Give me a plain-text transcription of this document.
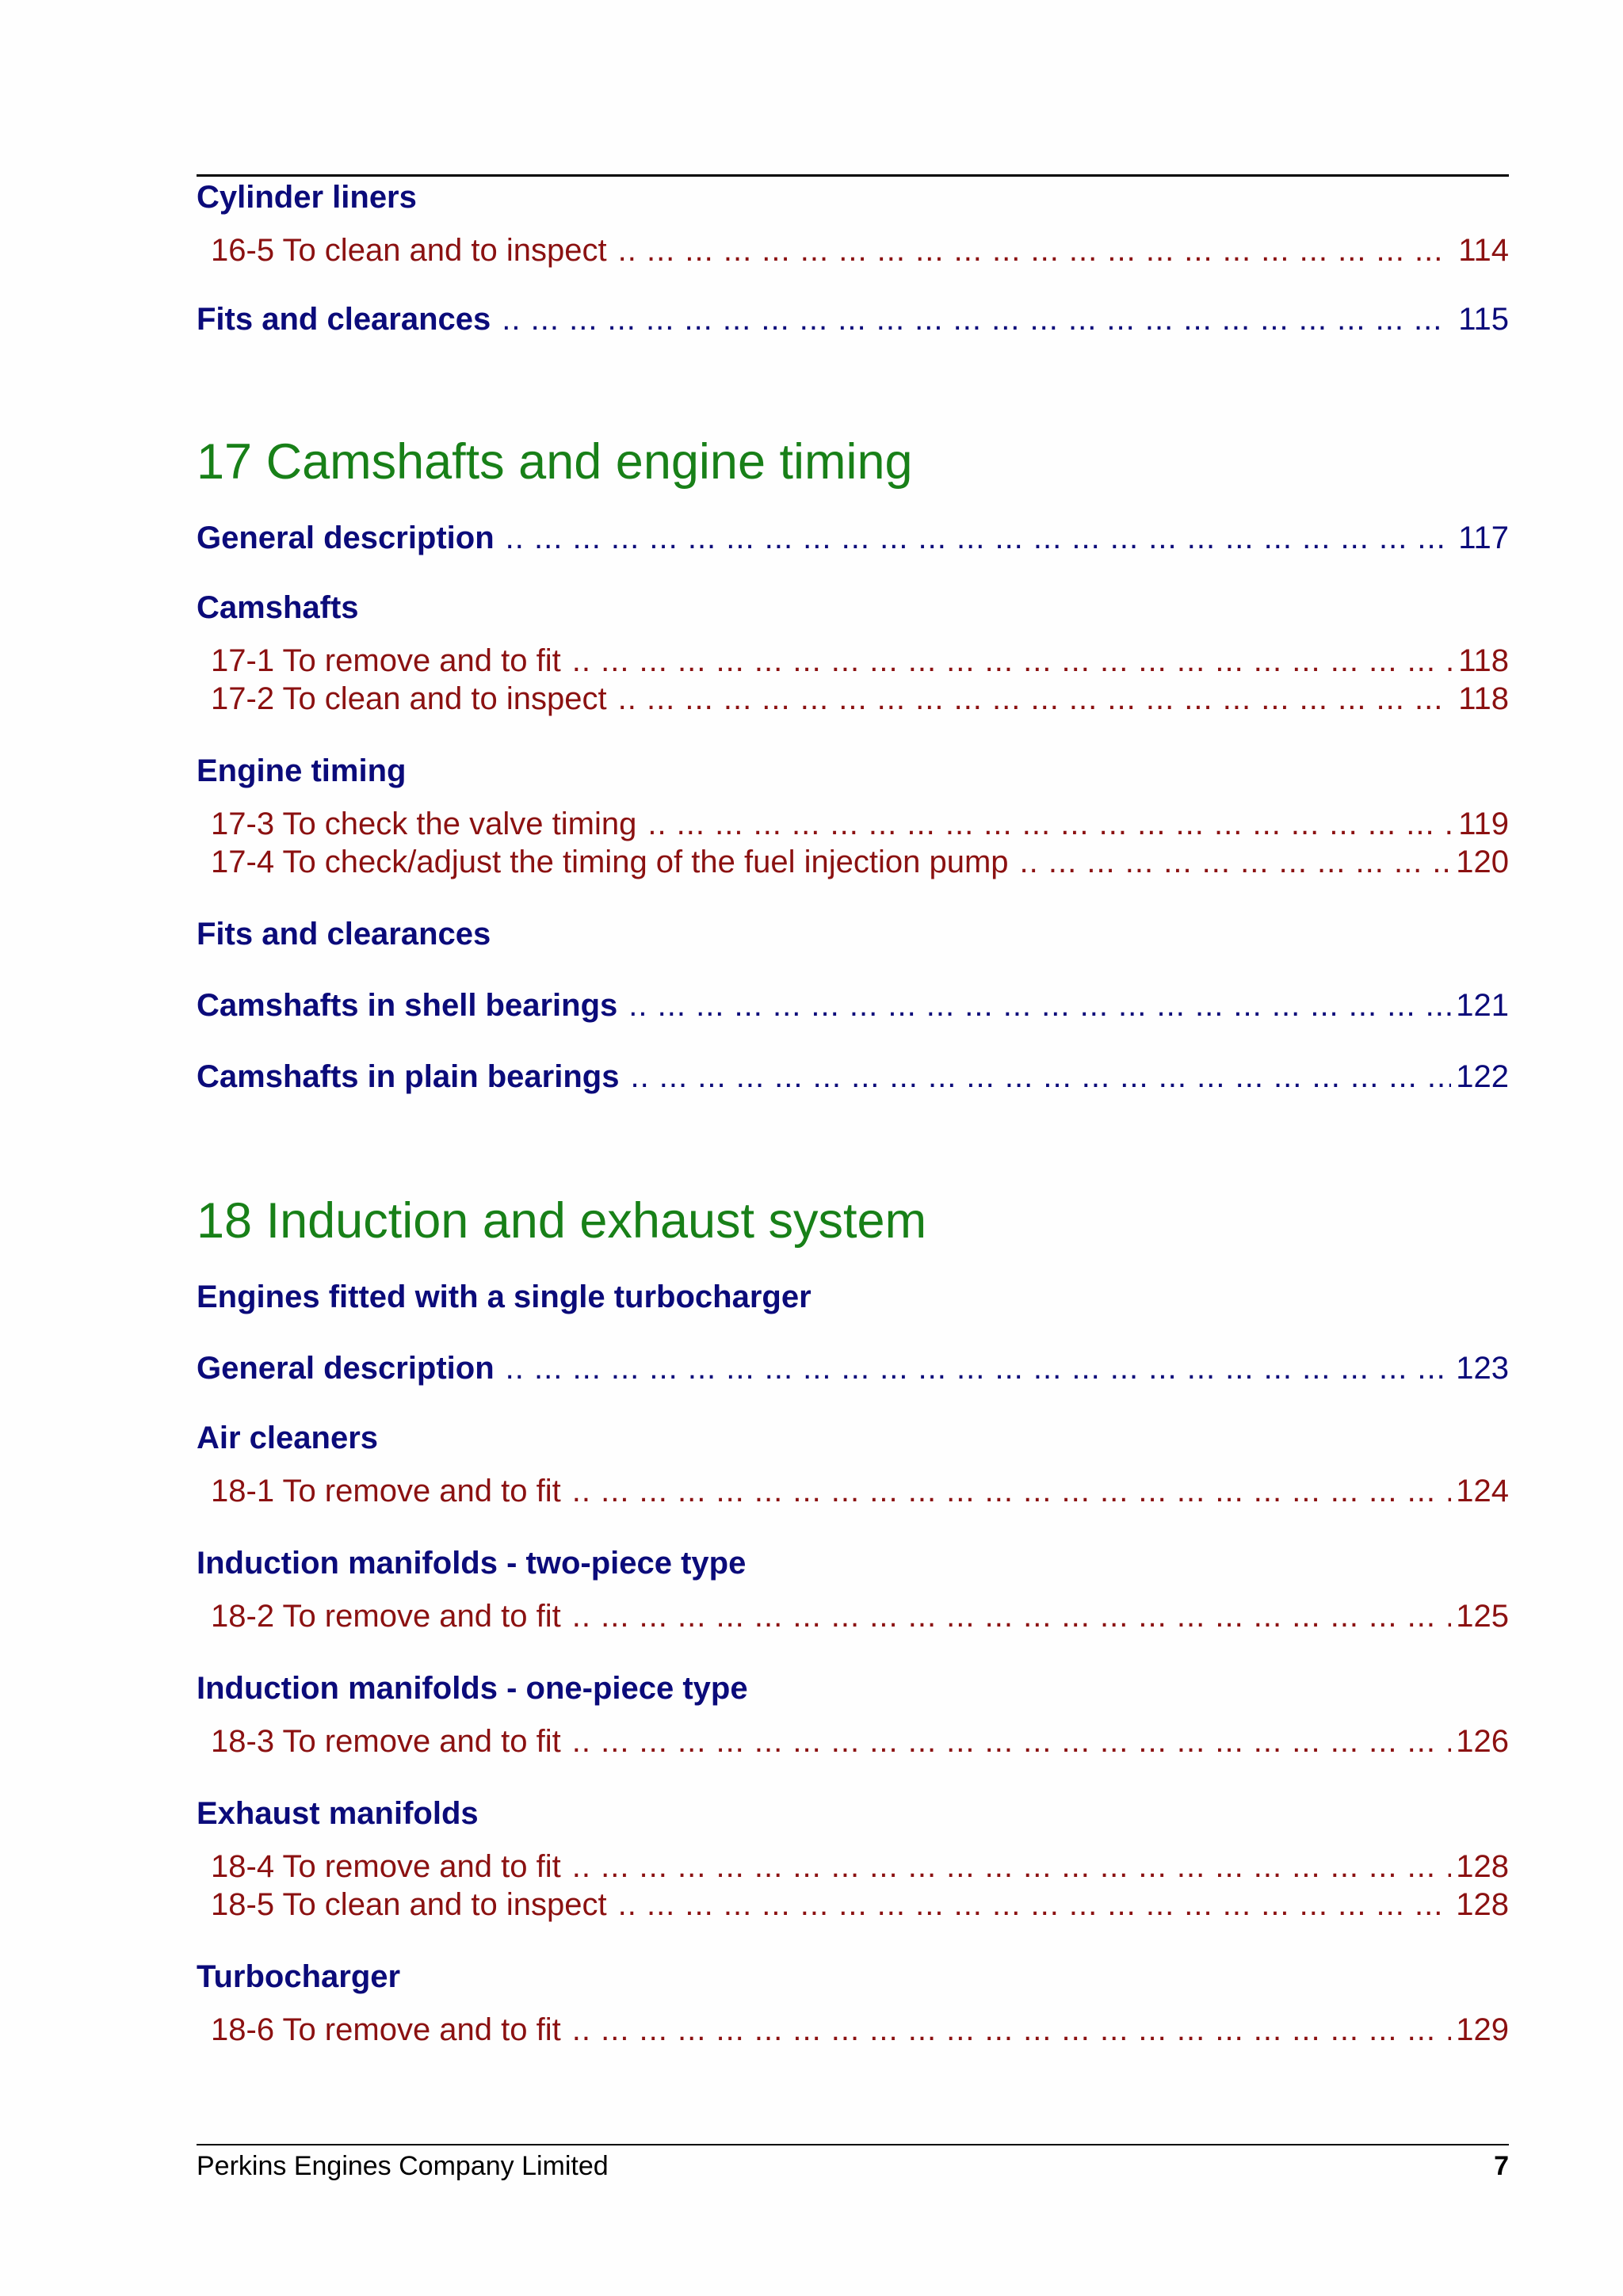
Cylinder liners
16-5 To clean and to inspect .. ..	114
Fits and clearances .. ..	115
17 Camshafts and engine timing
General description .. ..	117
Camshafts
17-1 To remove and to fit .. ..	118
17-2 To clean and to inspect .. ..	118
Engine timing
17-3 To check the valve timing .. ..	119
17-4 To check/adjust the timing of the fuel injection pump .. ..	120
Fits and clearances
Camshafts in shell bearings .. ..	121
Camshafts in plain bearings .. ..	122
18 Induction and exhaust system
Engines fitted with a single turbocharger
General description .. ..	123
Air cleaners
18-1 To remove and to fit .. ..	124
Induction manifolds - two-piece type
18-2 To remove and to fit .. ..	125
Induction manifolds - one-piece type
18-3 To remove and to fit .. ..	126
Exhaust manifolds
18-4 To remove and to fit .. ..	128
18-5 To clean and to inspect .. ..	128
Turbocharger
18-6 To remove and to fit .. ..	129
Perkins Engines Company Limited	7
